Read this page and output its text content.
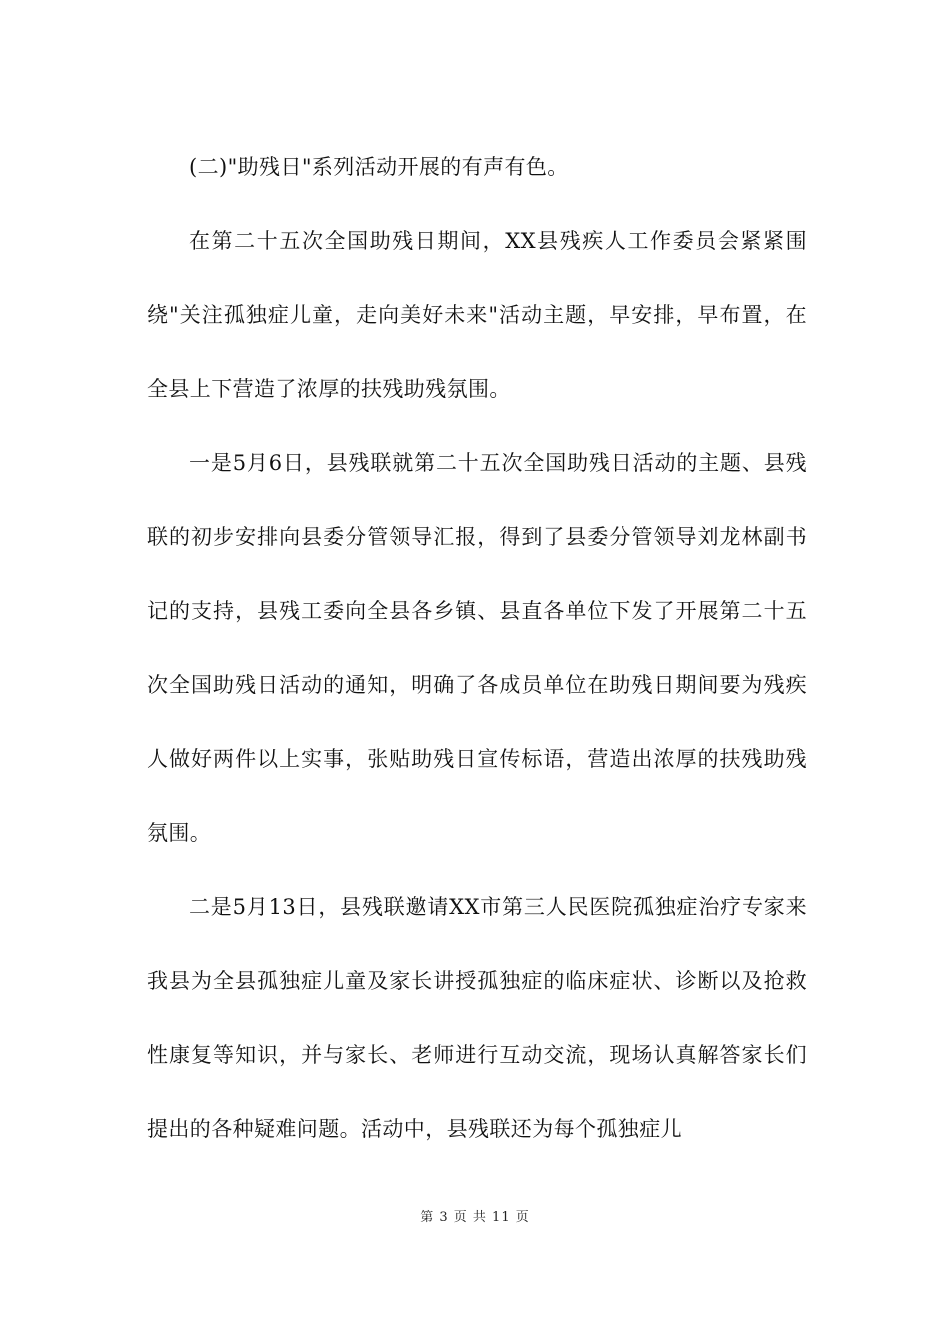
(二)"助残日"系列活动开展的有声有色。

在第二十五次全国助残日期间，XX县残疾人工作委员会紧紧围绕"关注孤独症儿童，走向美好未来"活动主题，早安排，早布置，在全县上下营造了浓厚的扶残助残氛围。

一是5月6日，县残联就第二十五次全国助残日活动的主题、县残联的初步安排向县委分管领导汇报，得到了县委分管领导刘龙林副书记的支持，县残工委向全县各乡镇、县直各单位下发了开展第二十五次全国助残日活动的通知，明确了各成员单位在助残日期间要为残疾人做好两件以上实事，张贴助残日宣传标语，营造出浓厚的扶残助残氛围。

二是5月13日，县残联邀请XX市第三人民医院孤独症治疗专家来我县为全县孤独症儿童及家长讲授孤独症的临床症状、诊断以及抢救性康复等知识，并与家长、老师进行互动交流，现场认真解答家长们提出的各种疑难问题。活动中，县残联还为每个孤独症儿

第 3 页 共 11 页
